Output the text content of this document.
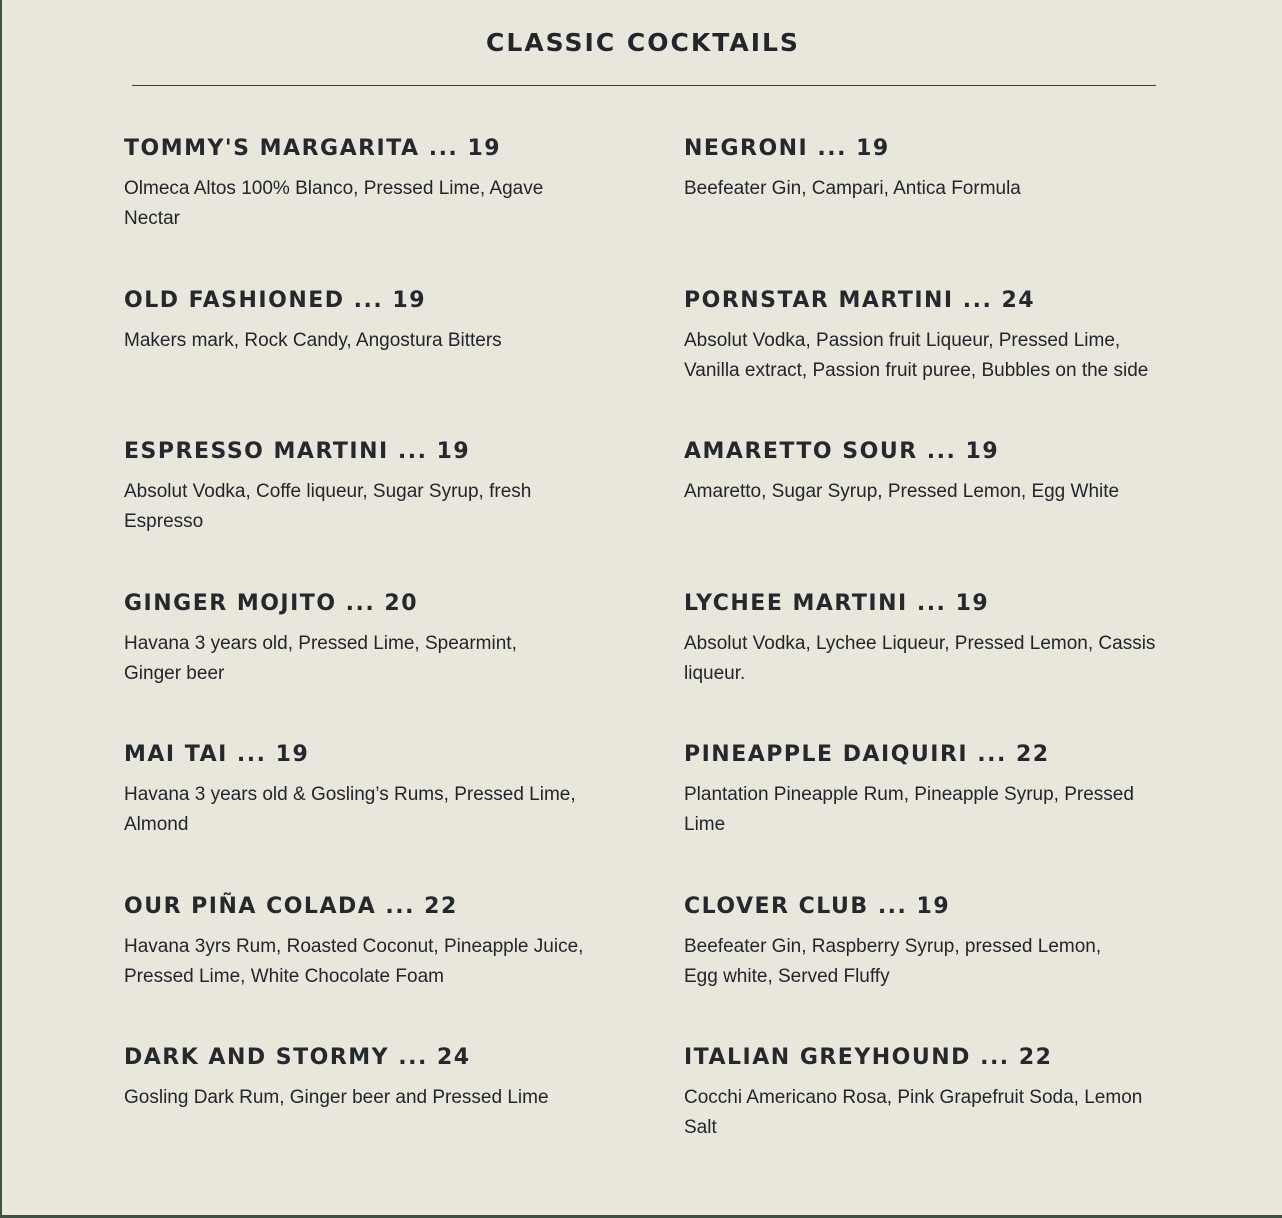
CLASSIC COCKTAILS
TOMMY'S MARGARITA ... 19
Olmeca Altos 100% Blanco, Pressed Lime, Agave Nectar
OLD FASHIONED ... 19
Makers mark, Rock Candy, Angostura Bitters
ESPRESSO MARTINI ... 19
Absolut Vodka, Coffe liqueur, Sugar Syrup, fresh Espresso
GINGER MOJITO ... 20
Havana 3 years old, Pressed Lime, Spearmint, Ginger beer
MAI TAI ... 19
Havana 3 years old & Gosling’s Rums, Pressed Lime, Almond
OUR PIÑA COLADA ... 22
Havana 3yrs Rum, Roasted Coconut, Pineapple Juice, Pressed Lime, White Chocolate Foam
DARK AND STORMY ... 24
Gosling Dark Rum, Ginger beer and Pressed Lime
NEGRONI ... 19
Beefeater Gin, Campari, Antica Formula
PORNSTAR MARTINI ... 24
Absolut Vodka, Passion fruit Liqueur, Pressed Lime, Vanilla extract, Passion fruit puree, Bubbles on the side
AMARETTO SOUR ... 19
Amaretto, Sugar Syrup, Pressed Lemon, Egg White
LYCHEE MARTINI ... 19
Absolut Vodka, Lychee Liqueur, Pressed Lemon, Cassis liqueur.
PINEAPPLE DAIQUIRI ... 22
Plantation Pineapple Rum, Pineapple Syrup, Pressed Lime
CLOVER CLUB ... 19
Beefeater Gin, Raspberry Syrup, pressed Lemon, Egg white, Served Fluffy
ITALIAN GREYHOUND ... 22
Cocchi Americano Rosa, Pink Grapefruit Soda, Lemon Salt
